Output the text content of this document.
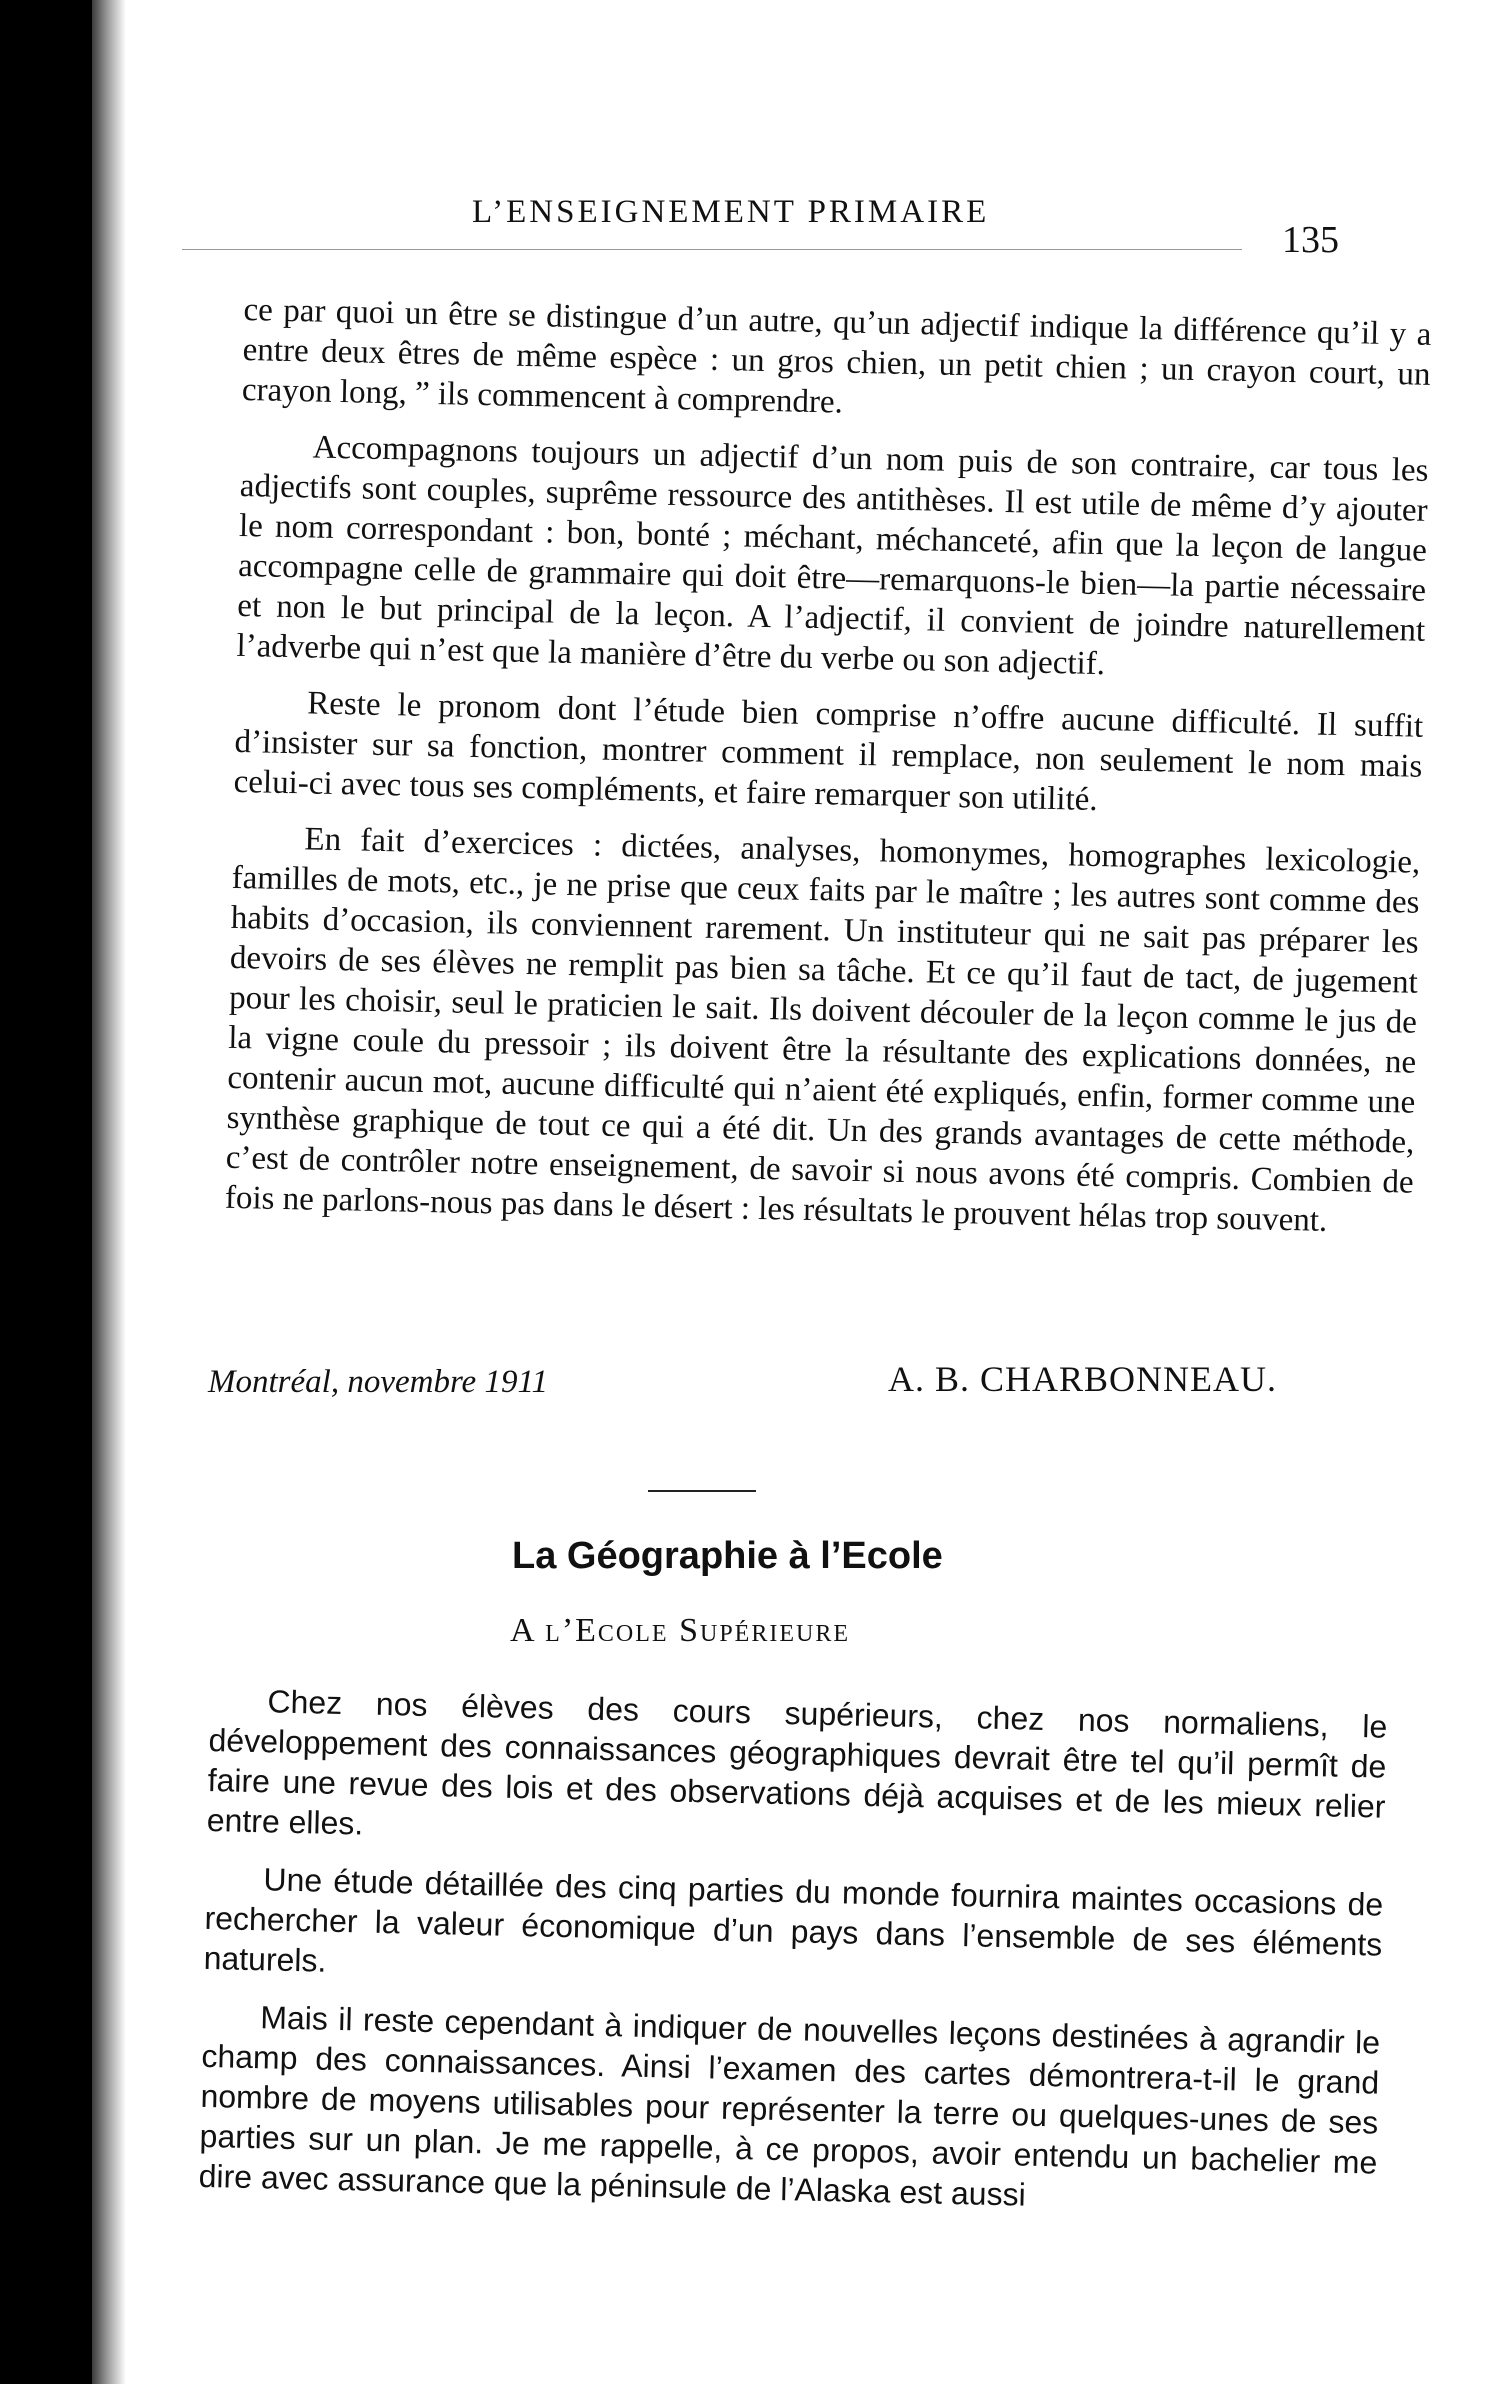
L’ENSEIGNEMENT PRIMAIRE
135

ce par quoi un être se distingue d’un autre, qu’un adjectif indique la différence qu’il y a entre deux êtres de même espèce : un gros chien, un petit chien ; un crayon court, un crayon long, ” ils commencent à comprendre.

Accompagnons toujours un adjectif d’un nom puis de son contraire, car tous les adjectifs sont couples, suprême ressource des antithèses. Il est utile de même d’y ajouter le nom correspondant : bon, bonté ; méchant, méchanceté, afin que la leçon de langue accompagne celle de grammaire qui doit être—remarquons-le bien—la partie nécessaire et non le but principal de la leçon. A l’adjectif, il convient de joindre naturellement l’adverbe qui n’est que la manière d’être du verbe ou son adjectif.

Reste le pronom dont l’étude bien comprise n’offre aucune difficulté. Il suffit d’insister sur sa fonction, montrer comment il remplace, non seulement le nom mais celui-ci avec tous ses compléments, et faire remarquer son utilité.

En fait d’exercices : dictées, analyses, homonymes, homographes lexicologie, familles de mots, etc., je ne prise que ceux faits par le maître ; les autres sont comme des habits d’occasion, ils conviennent rarement. Un instituteur qui ne sait pas préparer les devoirs de ses élèves ne remplit pas bien sa tâche. Et ce qu’il faut de tact, de jugement pour les choisir, seul le praticien le sait. Ils doivent découler de la leçon comme le jus de la vigne coule du pressoir ; ils doivent être la résultante des explications données, ne contenir aucun mot, aucune difficulté qui n’aient été expliqués, enfin, former comme une synthèse graphique de tout ce qui a été dit. Un des grands avantages de cette méthode, c’est de contrôler notre enseignement, de savoir si nous avons été compris. Combien de fois ne parlons-nous pas dans le désert : les résultats le prouvent hélas trop souvent.

Montréal, novembre 1911	A. B. CHARBONNEAU.
La Géographie à l’Ecole
A l’Ecole Supérieure

Chez nos élèves des cours supérieurs, chez nos normaliens, le développement des connaissances géographiques devrait être tel qu’il permît de faire une revue des lois et des observations déjà acquises et de les mieux relier entre elles.

Une étude détaillée des cinq parties du monde fournira maintes occasions de rechercher la valeur économique d’un pays dans l’ensemble de ses éléments naturels.

Mais il reste cependant à indiquer de nouvelles leçons destinées à agrandir le champ des connaissances. Ainsi l’examen des cartes démontrera-t-il le grand nombre de moyens utilisables pour représenter la terre ou quelques-unes de ses parties sur un plan. Je me rappelle, à ce propos, avoir entendu un bachelier me dire avec assurance que la péninsule de l’Alaska est aussi
